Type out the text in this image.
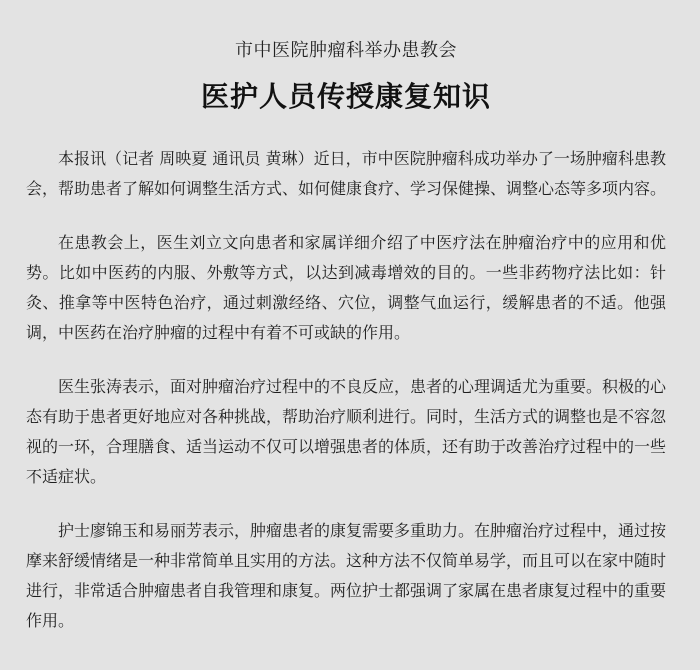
市中医院肿瘤科举办患教会
医护人员传授康复知识

本报讯（记者 周映夏 通讯员 黄琳）近日，市中医院肿瘤科成功举办了一场肿瘤科患教会，帮助患者了解如何调整生活方式、如何健康食疗、学习保健操、调整心态等多项内容。

在患教会上，医生刘立文向患者和家属详细介绍了中医疗法在肿瘤治疗中的应用和优势。比如中医药的内服、外敷等方式，以达到减毒增效的目的。一些非药物疗法比如：针灸、推拿等中医特色治疗，通过刺激经络、穴位，调整气血运行，缓解患者的不适。他强调，中医药在治疗肿瘤的过程中有着不可或缺的作用。

医生张涛表示，面对肿瘤治疗过程中的不良反应，患者的心理调适尤为重要。积极的心态有助于患者更好地应对各种挑战，帮助治疗顺利进行。同时，生活方式的调整也是不容忽视的一环，合理膳食、适当运动不仅可以增强患者的体质，还有助于改善治疗过程中的一些不适症状。

护士廖锦玉和易丽芳表示，肿瘤患者的康复需要多重助力。在肿瘤治疗过程中，通过按摩来舒缓情绪是一种非常简单且实用的方法。这种方法不仅简单易学，而且可以在家中随时进行，非常适合肿瘤患者自我管理和康复。两位护士都强调了家属在患者康复过程中的重要作用。
